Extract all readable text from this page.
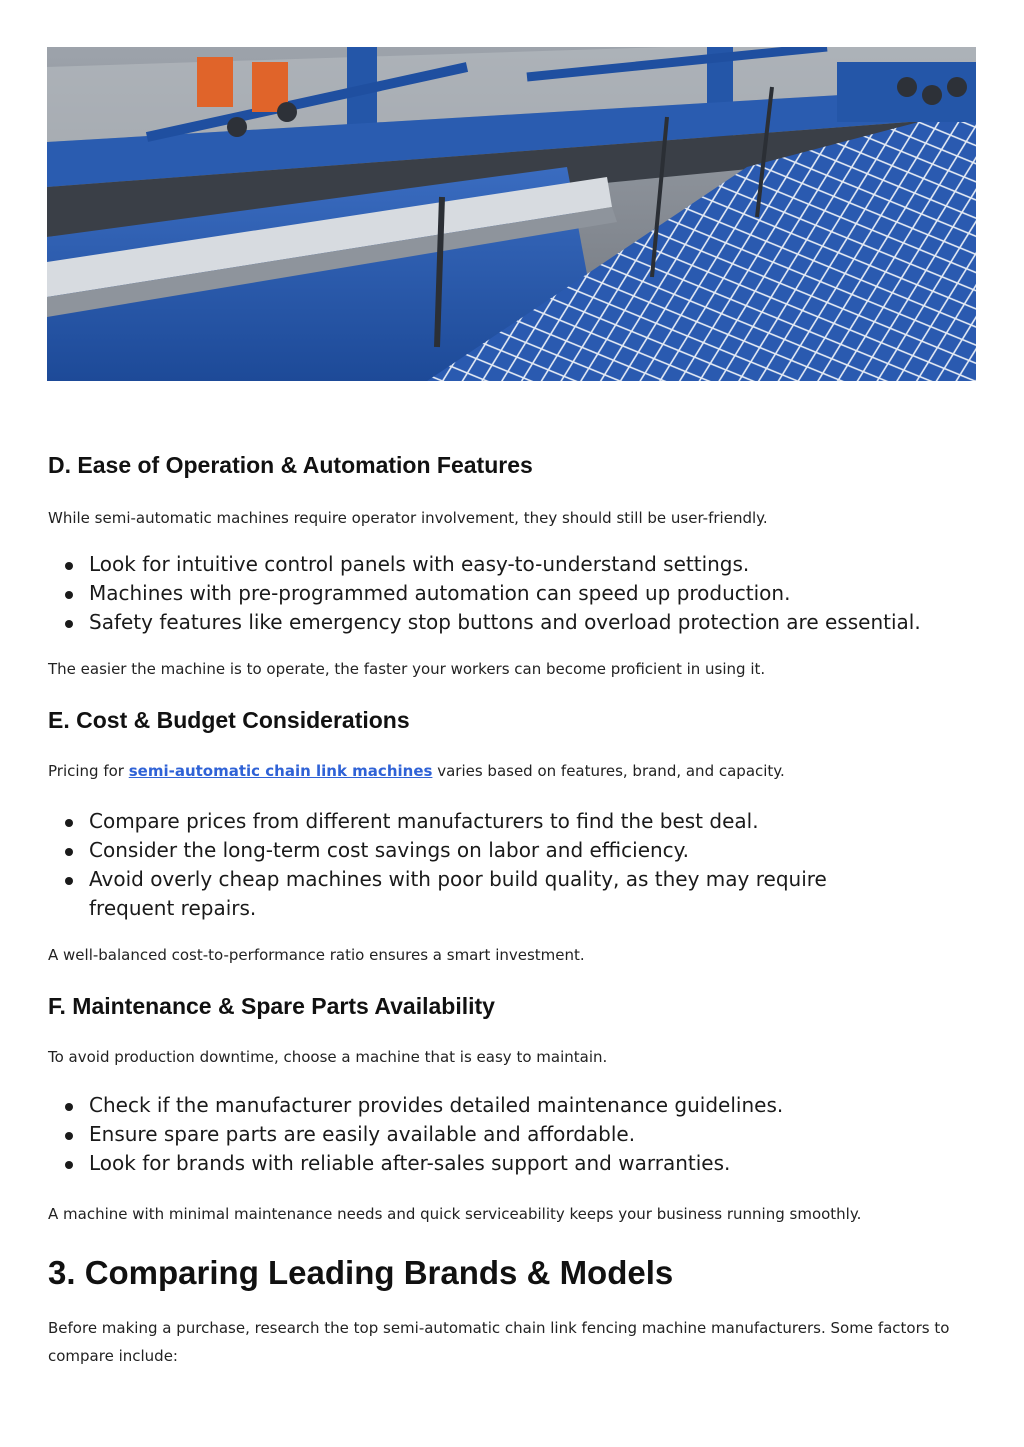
D. Ease of Operation & Automation Features

While semi-automatic machines require operator involvement, they should still be user-friendly.

Look for intuitive control panels with easy-to-understand settings.
Machines with pre-programmed automation can speed up production.
Safety features like emergency stop buttons and overload protection are essential.

The easier the machine is to operate, the faster your workers can become proficient in using it.

E. Cost & Budget Considerations

Pricing for semi-automatic chain link machines varies based on features, brand, and capacity.

Compare prices from different manufacturers to find the best deal.
Consider the long-term cost savings on labor and efficiency.
Avoid overly cheap machines with poor build quality, as they may require frequent repairs.

A well-balanced cost-to-performance ratio ensures a smart investment.

F. Maintenance & Spare Parts Availability

To avoid production downtime, choose a machine that is easy to maintain.

Check if the manufacturer provides detailed maintenance guidelines.
Ensure spare parts are easily available and affordable.
Look for brands with reliable after-sales support and warranties.

A machine with minimal maintenance needs and quick serviceability keeps your business running smoothly.

3. Comparing Leading Brands & Models

Before making a purchase, research the top semi-automatic chain link fencing machine manufacturers. Some factors to compare include:
